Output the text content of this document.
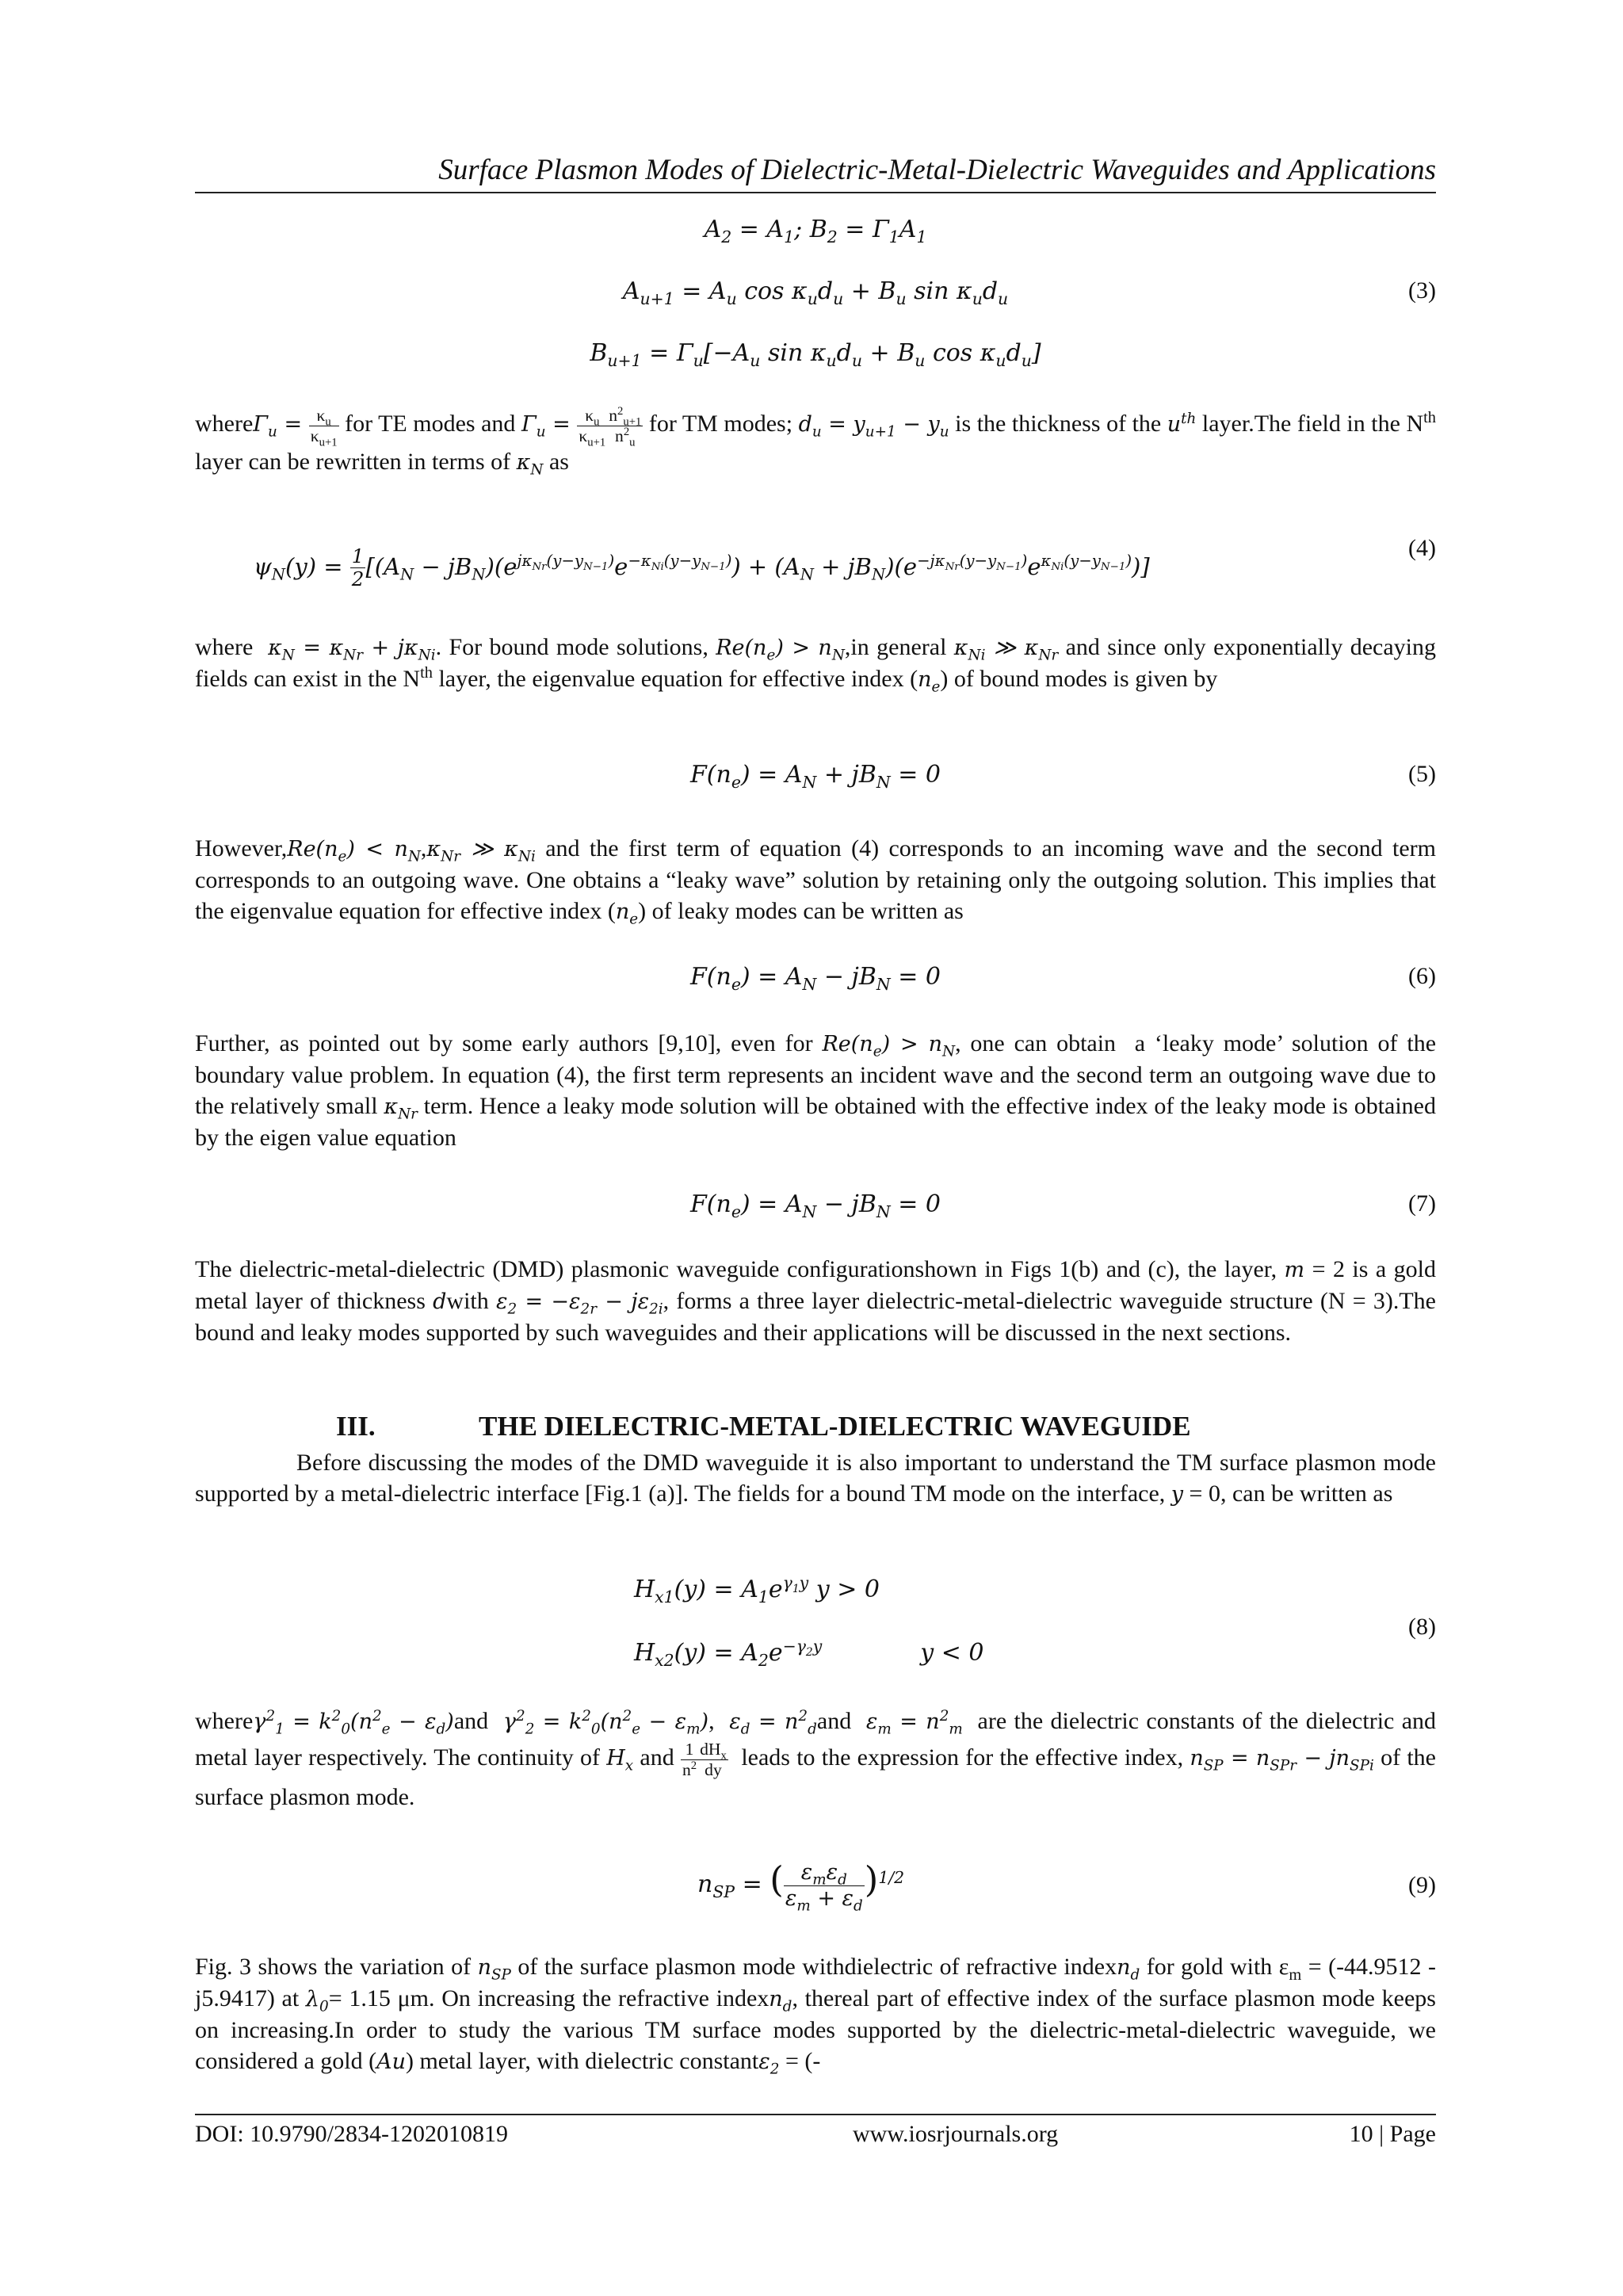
Surface Plasmon Modes of Dielectric-Metal-Dielectric Waveguides and Applications
$A_2 = A_1$; $B_2 = \Gamma_1A_1$
$A_{u+1} = A_u$ $\cos \kappa_ud_u + B_u$ $\sin \kappa_ud_u$	(3)
$B_{u+1} = \Gamma_u[-A_u$ $\sin \kappa_ud_u + B_u$ $\cos \kappa_ud_u$]
whereΓ$_u$ = $\frac{\kappa_u}{\kappa_{u+1}}$ for TE modes and $\Gamma_u = \frac{\kappa_u}{\kappa_{u+1}} \frac{n^2_{u+1}}{n^2_u}$ for TM modes; $d_u = y_{u+1} - y_u$ is the thickness of the $u^{th}$ layer.The field in the $N^{th}$ layer can be rewritten in terms of $\kappa_N$ as
$\psi_N(y) = \frac{1}{2} [(A_N - jB_N)(e^{j\kappa_{Nr}(y-y_{N-1})}e^{-\kappa_{Ni}(y-y_{N-1})}) + (A_N + jB_N)(e^{-j\kappa_{Nr}(y-y_{N-1})}e^{\kappa_{Ni}(y-y_{N-1})})]$
(4)
where  $\kappa_N = \kappa_{Nr} + j\kappa_{Ni}$. For bound mode solutions, $Re(n_e) > n_N,in$ general $\kappa_{Ni}$ ≫ $\kappa_{Nr}$ and since only exponentially decaying fields can exist in the $N^{th}$ layer, the eigenvalue equation for effective index $(n_e)$ of bound modes is given by
$F(n_e) = A_N + jB_N = 0$	(5)
$However,Re(n_e) < n_N,\kappa_{Nr}$ ≫ $\kappa_{Ni}$ and the first term of equation (4) corresponds to an incoming wave and the second term corresponds to an outgoing wave. One obtains a “leaky wave” solution by retaining only the outgoing solution. This implies that the eigenvalue equation for effective index $(n_e)$ of leaky modes can be written as
$F(n_e) = A_N - jB_N = 0$	(6)
Further, as pointed out by some early authors [9,10], even for $Re(n_e) > n_N$, one can obtain  a ‘leaky mode’ solution of the boundary value problem. In equation (4), the first term represents an incident wave and the second term an outgoing wave due to the relatively small $\kappa_{Nr}$ term. Hence a leaky mode solution will be obtained with the effective index of the leaky mode is obtained by the eigen value equation
$F(n_e) = A_N - jB_N = 0$	(7)
The dielectric-metal-dielectric (DMD) plasmonic waveguide configurationshown in Figs 1(b) and (c), the layer, m = 2 is a gold metal layer of thickness dwith $\varepsilon_2 = -\varepsilon_{2r} - j\varepsilon_{2i}$, forms a three layer dielectric-metal-dielectric waveguide structure (N = 3).The bound and leaky modes supported by such waveguides and their applications will be discussed in the next sections.
III.	THE DIELECTRIC-METAL-DIELECTRIC WAVEGUIDE
Before discussing the modes of the DMD waveguide it is also important to understand the TM surface plasmon mode supported by a metal-dielectric interface [Fig.1 (a)]. The fields for a bound TM mode on the interface, y = 0, can be written as
$H_{x1}(y) = A_1e^{\gamma_1y}$ y > 0
$H_{x2}(y) = A_2e^{-\gamma_2y}$             y < 0
(8)
whereγ$^2_1$ = $k^2_0(n^2_e - \varepsilon_d)and$  $\gamma^2_2 = k^2_0(n^2_e - \varepsilon_m)$,  $\varepsilon_d = n^2_dand$  $\varepsilon_m = n^2_m$  are the dielectric constants of the dielectric and metal layer respectively. The continuity of $H_x$ and $\frac{1}{n^2} \frac{dH_x}{dy}$ leads to the expression for the effective index, $n_{SP} = n_{SPr} - jn_{SPi}$ of the surface plasmon mode.
$n_{SP}$ = ( $\frac{\varepsilon_m\varepsilon_d}{\varepsilon_m + \varepsilon_d} )^{1/2}$	(9)
Fig. 3 shows the variation of $n_{SP}$ of the surface plasmon mode withdielectric of refractive indexn$_d$ for gold with $\varepsilon_m = (-44.9512$ -j5.9417) at $\lambda_0= 1.15$ μm. On increasing the refractive indexn$_d$, thereal part of effective index of the surface plasmon mode keeps on increasing.In order to study the various TM surface modes supported by the dielectric-metal-dielectric waveguide, we considered a gold (Au) metal layer, with dielectric constantε$_2$ = (-
DOI: 10.9790/2834-1202010819	www.iosrjournals.org	10 | Page
